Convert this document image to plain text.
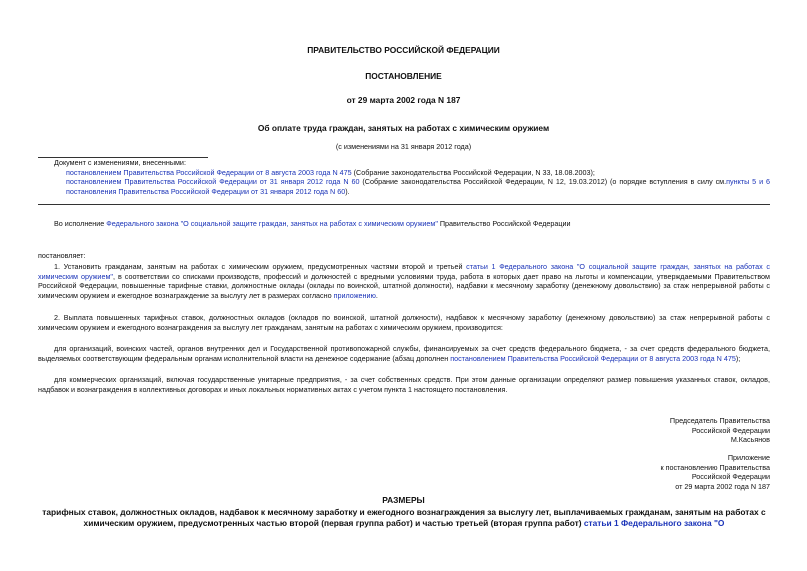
ПРАВИТЕЛЬСТВО РОССИЙСКОЙ ФЕДЕРАЦИИ
ПОСТАНОВЛЕНИЕ
от 29 марта 2002 года N 187
Об оплате труда граждан, занятых на работах с химическим оружием
(с изменениями на 31 января 2012 года)

Документ с изменениями, внесенными:

постановлением Правительства Российской Федерации от 8 августа 2003 года N 475 (Собрание законодательства Российской Федерации, N 33, 18.08.2003);

постановлением Правительства Российской Федерации от 31 января 2012 года N 60 (Собрание законодательства Российской Федерации, N 12, 19.03.2012) (о порядке вступления в силу см.пункты 5 и 6 постановления Правительства Российской Федерации от 31 января 2012 года N 60).

Во исполнение Федерального закона "О социальной защите граждан, занятых на работах с химическим оружием" Правительство Российской Федерации

постановляет:

1. Установить гражданам, занятым на работах с химическим оружием, предусмотренных частями второй и третьей статьи 1 Федерального закона "О социальной защите граждан, занятых на работах с химическим оружием", в соответствии со списками производств, профессий и должностей с вредными условиями труда, работа в которых дает право на льготы и компенсации, утверждаемыми Правительством Российской Федерации, повышенные тарифные ставки, должностные оклады (оклады по воинской, штатной должности), надбавки к месячному заработку (денежному довольствию) за стаж непрерывной работы с химическим оружием и ежегодное вознаграждение за выслугу лет в размерах согласно приложению.

2. Выплата повышенных тарифных ставок, должностных окладов (окладов по воинской, штатной должности), надбавок к месячному заработку (денежному довольствию) за стаж непрерывной работы с химическим оружием и ежегодного вознаграждения за выслугу лет гражданам, занятым на работах с химическим оружием, производится:

для организаций, воинских частей, органов внутренних дел и Государственной противопожарной службы, финансируемых за счет средств федерального бюджета, - за счет средств федерального бюджета, выделяемых соответствующим федеральным органам исполнительной власти на денежное содержание (абзац дополнен постановлением Правительства Российской Федерации от 8 августа 2003 года N 475);

для коммерческих организаций, включая государственные унитарные предприятия, - за счет собственных средств. При этом данные организации определяют размер повышения указанных ставок, окладов, надбавок и вознаграждения в коллективных договорах и иных локальных нормативных актах с учетом пункта 1 настоящего постановления.

Председатель Правительства
Российской Федерации
М.Касьянов
Приложение
к постановлению Правительства
Российской Федерации
от 29 марта 2002 года N 187
РАЗМЕРЫ
тарифных ставок, должностных окладов, надбавок к месячному заработку и ежегодного вознаграждения за выслугу лет, выплачиваемых гражданам, занятым на работах с химическим оружием, предусмотренных частью второй (первая группа работ) и частью третьей (вторая группа работ) статьи 1 Федерального закона "О
